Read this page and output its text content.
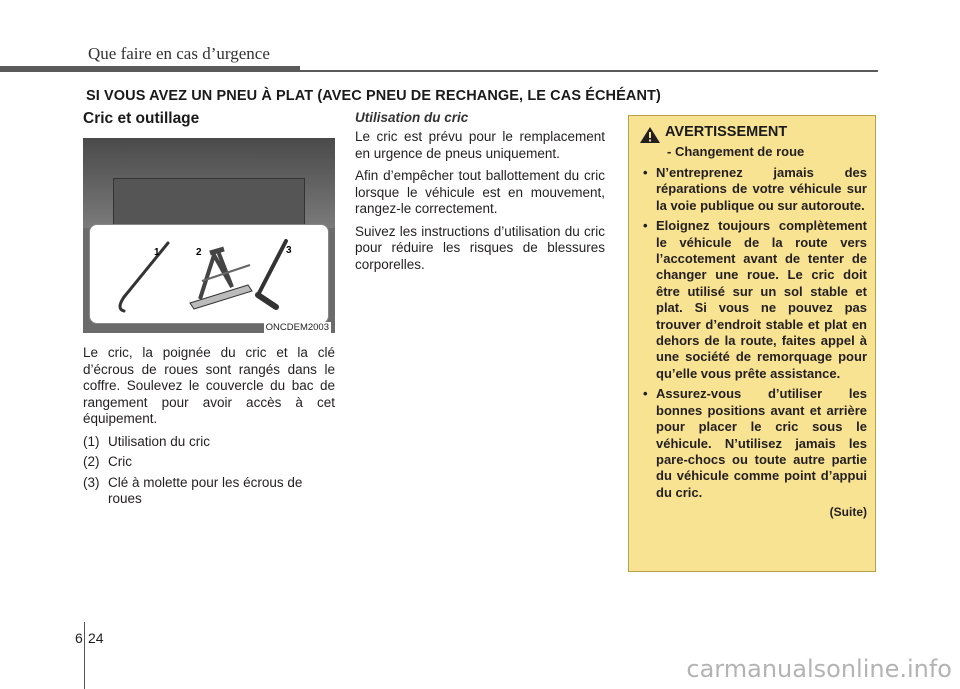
Que faire en cas d’urgence
SI VOUS AVEZ UN PNEU À PLAT (AVEC PNEU DE RECHANGE, LE CAS ÉCHÉANT)
Cric et outillage
1	2	3
ONCDEM2003

Le cric, la poignée du cric et la clé d’écrous de roues sont rangés dans le coffre. Soulevez le couvercle du bac de rangement pour avoir accès à cet équipement.

(1) Utilisation du cric
(2) Cric
(3) Clé à molette pour les écrous de roues
Utilisation du cric

Le cric est prévu pour le remplacement en urgence de pneus uniquement.

Afin d’empêcher tout ballottement du cric lorsque le véhicule est en mouvement, rangez-le correctement.

Suivez les instructions d’utilisation du cric pour réduire les risques de blessures corporelles.

AVERTISSEMENT
- Changement de roue
• N’entreprenez jamais des réparations de votre véhicule sur la voie publique ou sur autoroute.
• Eloignez toujours complètement le véhicule de la route vers l’accotement avant de tenter de changer une roue. Le cric doit être utilisé sur un sol stable et plat. Si vous ne pouvez pas trouver d’endroit stable et plat en dehors de la route, faites appel à une société de remorquage pour qu’elle vous prête assistance.
• Assurez-vous d’utiliser les bonnes positions avant et arrière pour placer le cric sous le véhicule. N’utilisez jamais les pare-chocs ou toute autre partie du véhicule comme point d’appui du cric.
(Suite)
6 24
carmanualsonline.info
